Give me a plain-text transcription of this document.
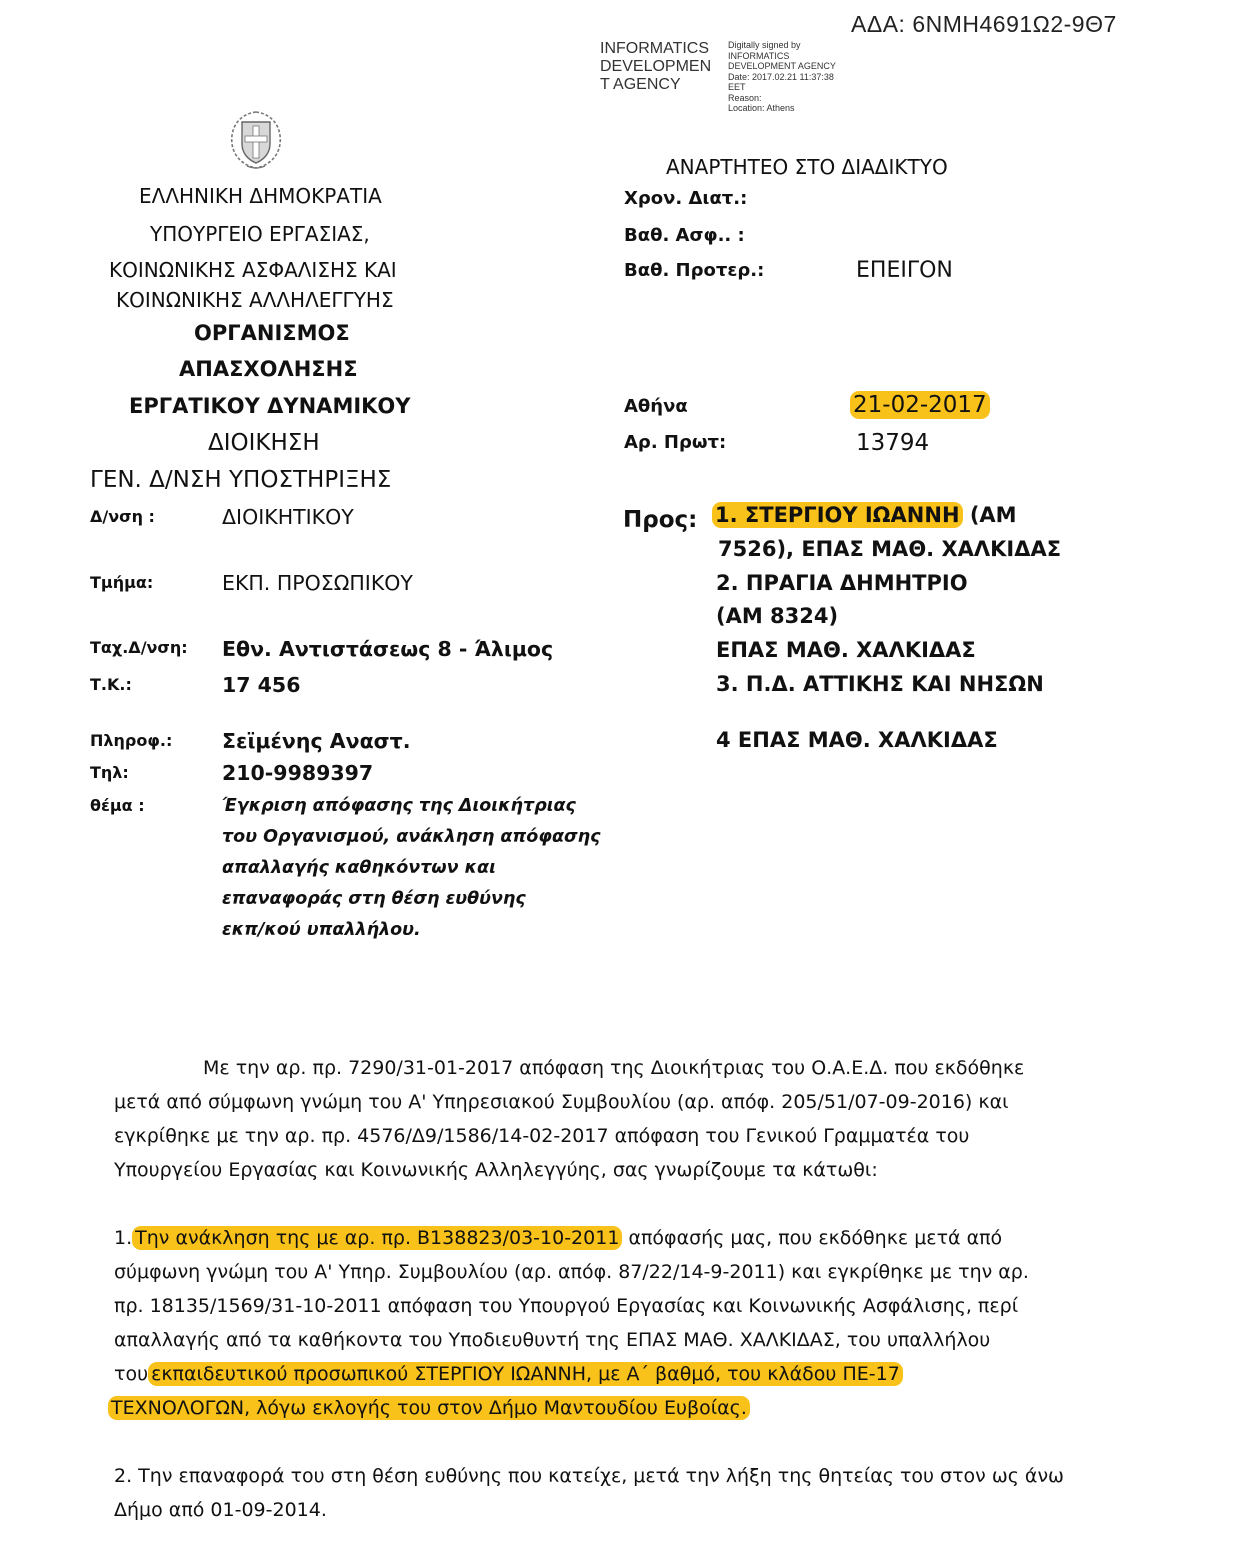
ΑΔΑ: 6ΝΜΗ4691Ω2-9Θ7
INFORMATICS
DEVELOPMEN
T AGENCY
Digitally signed by
INFORMATICS
DEVELOPMENT AGENCY
Date: 2017.02.21 11:37:38
EET
Reason:
Location: Athens
ΕΛΛΗΝΙΚΗ ΔΗΜΟΚΡΑΤΙΑ
ΥΠΟΥΡΓΕΙΟ ΕΡΓΑΣΙΑΣ,
ΚΟΙΝΩΝΙΚΗΣ ΑΣΦΑΛΙΣΗΣ ΚΑΙ
ΚΟΙΝΩΝΙΚΗΣ ΑΛΛΗΛΕΓΓΥΗΣ
ΟΡΓΑΝΙΣΜΟΣ
ΑΠΑΣΧΟΛΗΣΗΣ
ΕΡΓΑΤΙΚΟΥ ΔΥΝΑΜΙΚΟΥ
ΔΙΟΙΚΗΣΗ
ΓΕΝ. Δ/ΝΣΗ ΥΠΟΣΤΗΡΙΞΗΣ
ΑΝΑΡΤΗΤΕΟ ΣΤΟ ΔΙΑΔΙΚΤΥΟ
Χρον. Διατ.:
Βαθ. Ασφ.. :
Βαθ. Προτερ.:	ΕΠΕΙΓΟΝ
Αθήνα	21-02-2017
Αρ. Πρωτ:	13794
Προς: 1. ΣΤΕΡΓΙΟΥ ΙΩΑΝΝΗ (ΑΜ
7526), ΕΠΑΣ ΜΑΘ. ΧΑΛΚΙΔΑΣ
2. ΠΡΑΓΙΑ ΔΗΜΗΤΡΙΟ
(ΑΜ 8324)
ΕΠΑΣ ΜΑΘ. ΧΑΛΚΙΔΑΣ
3. Π.Δ. ΑΤΤΙΚΗΣ ΚΑΙ ΝΗΣΩΝ
4 ΕΠΑΣ ΜΑΘ. ΧΑΛΚΙΔΑΣ
Δ/νση :	ΔΙΟΙΚΗΤΙΚΟΥ
Τμήμα:	ΕΚΠ. ΠΡΟΣΩΠΙΚΟΥ
Ταχ.Δ/νση: Εθν. Αντιστάσεως 8 - Άλιμος
Τ.Κ.:	17 456
Πληροφ.: Σεϊμένης Αναστ.
Τηλ:	210-9989397
θέμα :	Έγκριση απόφασης της Διοικήτριας
του Οργανισμού, ανάκληση απόφασης
απαλλαγής καθηκόντων και
επαναφοράς στη θέση ευθύνης
εκπ/κού υπαλλήλου.
Με την αρ. πρ. 7290/31-01-2017 απόφαση της Διοικήτριας του Ο.Α.Ε.Δ. που εκδόθηκε
μετά από σύμφωνη γνώμη του Α' Υπηρεσιακού Συμβουλίου (αρ. απόφ. 205/51/07-09-2016) και
εγκρίθηκε με την αρ. πρ. 4576/Δ9/1586/14-02-2017 απόφαση του Γενικού Γραμματέα του
Υπουργείου Εργασίας και Κοινωνικής Αλληλεγγύης, σας γνωρίζουμε τα κάτωθι:
1. Την ανάκληση της με αρ. πρ. Β138823/03-10-2011 απόφασής μας, που εκδόθηκε μετά από
σύμφωνη γνώμη του Α' Υπηρ. Συμβουλίου (αρ. απόφ. 87/22/14-9-2011) και εγκρίθηκε με την αρ.
πρ. 18135/1569/31-10-2011 απόφαση του Υπουργού Εργασίας και Κοινωνικής Ασφάλισης, περί
απαλλαγής από τα καθήκοντα του Υποδιευθυντή της ΕΠΑΣ ΜΑΘ. ΧΑΛΚΙΔΑΣ, του υπαλλήλου
του εκπαιδευτικού προσωπικού ΣΤΕΡΓΙΟΥ ΙΩΑΝΝΗ, με Α΄ βαθμό, του κλάδου ΠΕ-17
ΤΕΧΝΟΛΟΓΩΝ, λόγω εκλογής του στον Δήμο Μαντουδίου Ευβοίας.
2. Την επαναφορά του στη θέση ευθύνης που κατείχε, μετά την λήξη της θητείας του στον ως άνω
Δήμο από 01-09-2014.
